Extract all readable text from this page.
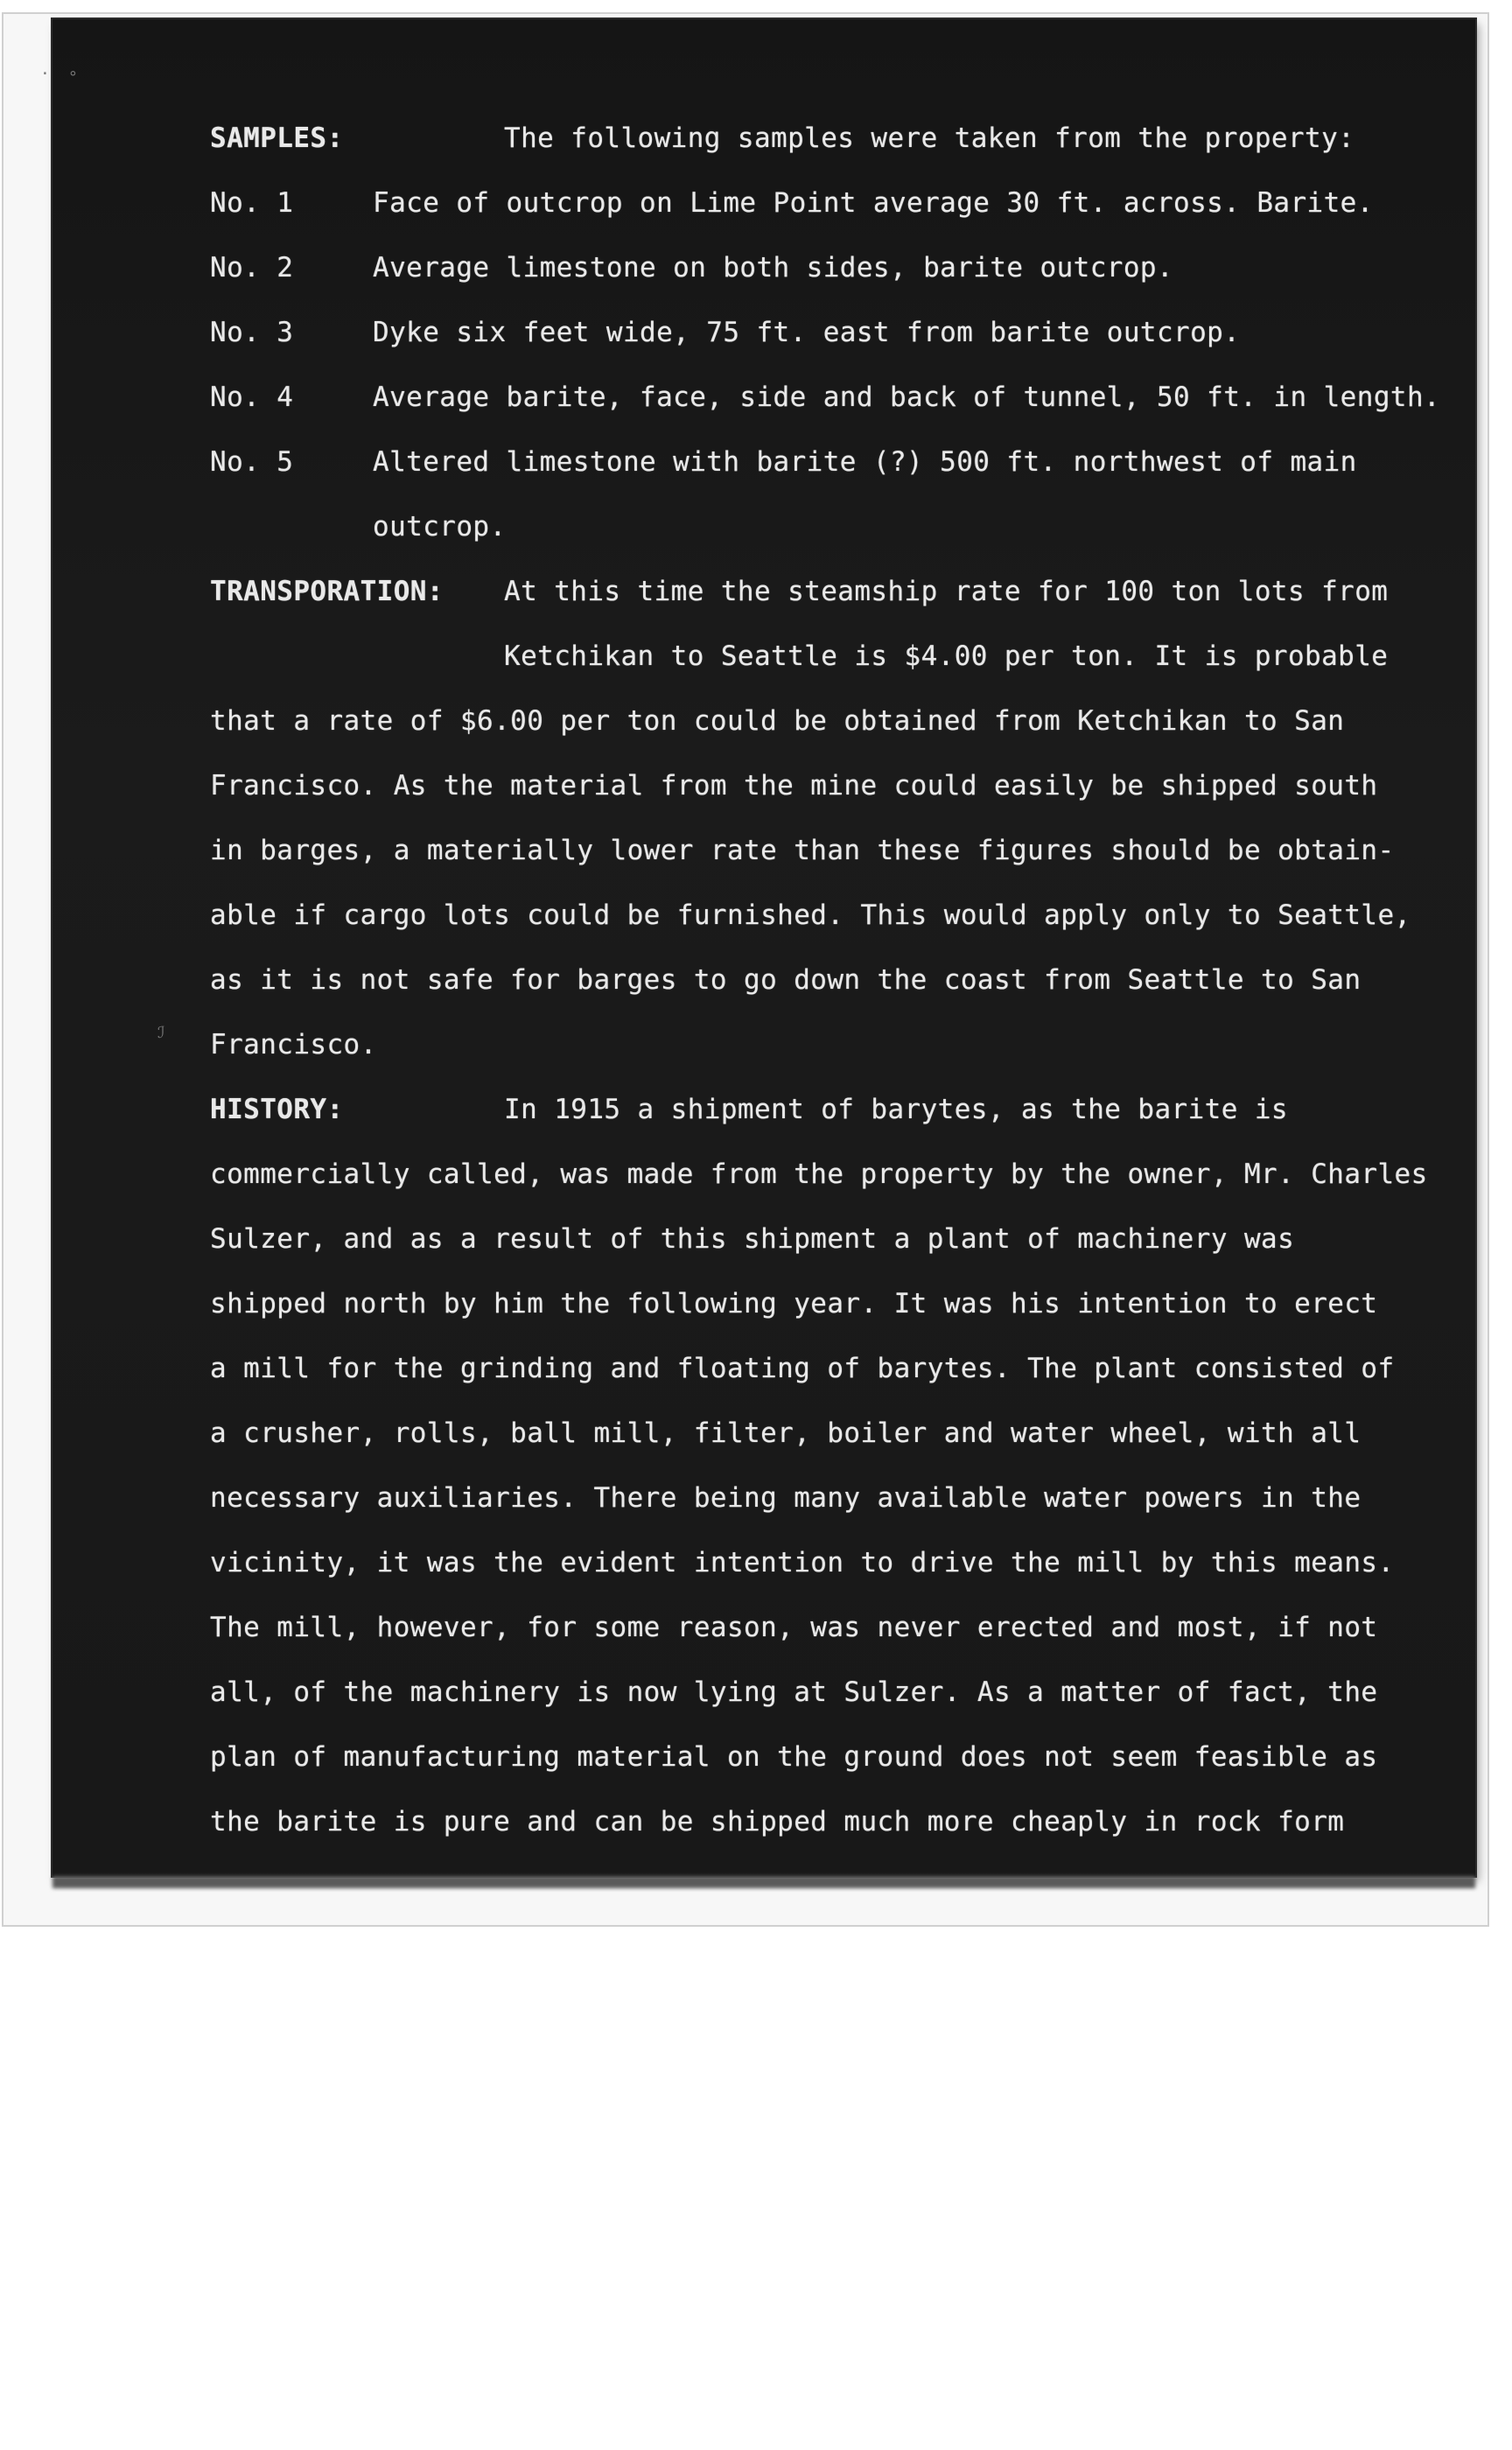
· °
ℐ
SAMPLES:	The following samples were taken from the property:
No. 1	Face of outcrop on Lime Point average 30 ft. across. Barite.
No. 2	Average limestone on both sides, barite outcrop.
No. 3	Dyke six feet wide, 75 ft. east from barite outcrop.
No. 4	Average barite, face, side and back of tunnel, 50 ft. in length.
No. 5	Altered limestone with barite (?) 500 ft. northwest of main
outcrop.
TRANSPORATION: At this time the steamship rate for 100 ton lots from
Ketchikan to Seattle is $4.00 per ton. It is probable
that a rate of $6.00 per ton could be obtained from Ketchikan to San
Francisco. As the material from the mine could easily be shipped south
in barges, a materially lower rate than these figures should be obtain-
able if cargo lots could be furnished. This would apply only to Seattle,
as it is not safe for barges to go down the coast from Seattle to San
Francisco.
HISTORY:	In 1915 a shipment of barytes, as the barite is
commercially called, was made from the property by the owner, Mr. Charles
Sulzer, and as a result of this shipment a plant of machinery was
shipped north by him the following year. It was his intention to erect
a mill for the grinding and floating of barytes. The plant consisted of
a crusher, rolls, ball mill, filter, boiler and water wheel, with all
necessary auxiliaries. There being many available water powers in the
vicinity, it was the evident intention to drive the mill by this means.
The mill, however, for some reason, was never erected and most, if not
all, of the machinery is now lying at Sulzer. As a matter of fact, the
plan of manufacturing material on the ground does not seem feasible as
the barite is pure and can be shipped much more cheaply in rock form
